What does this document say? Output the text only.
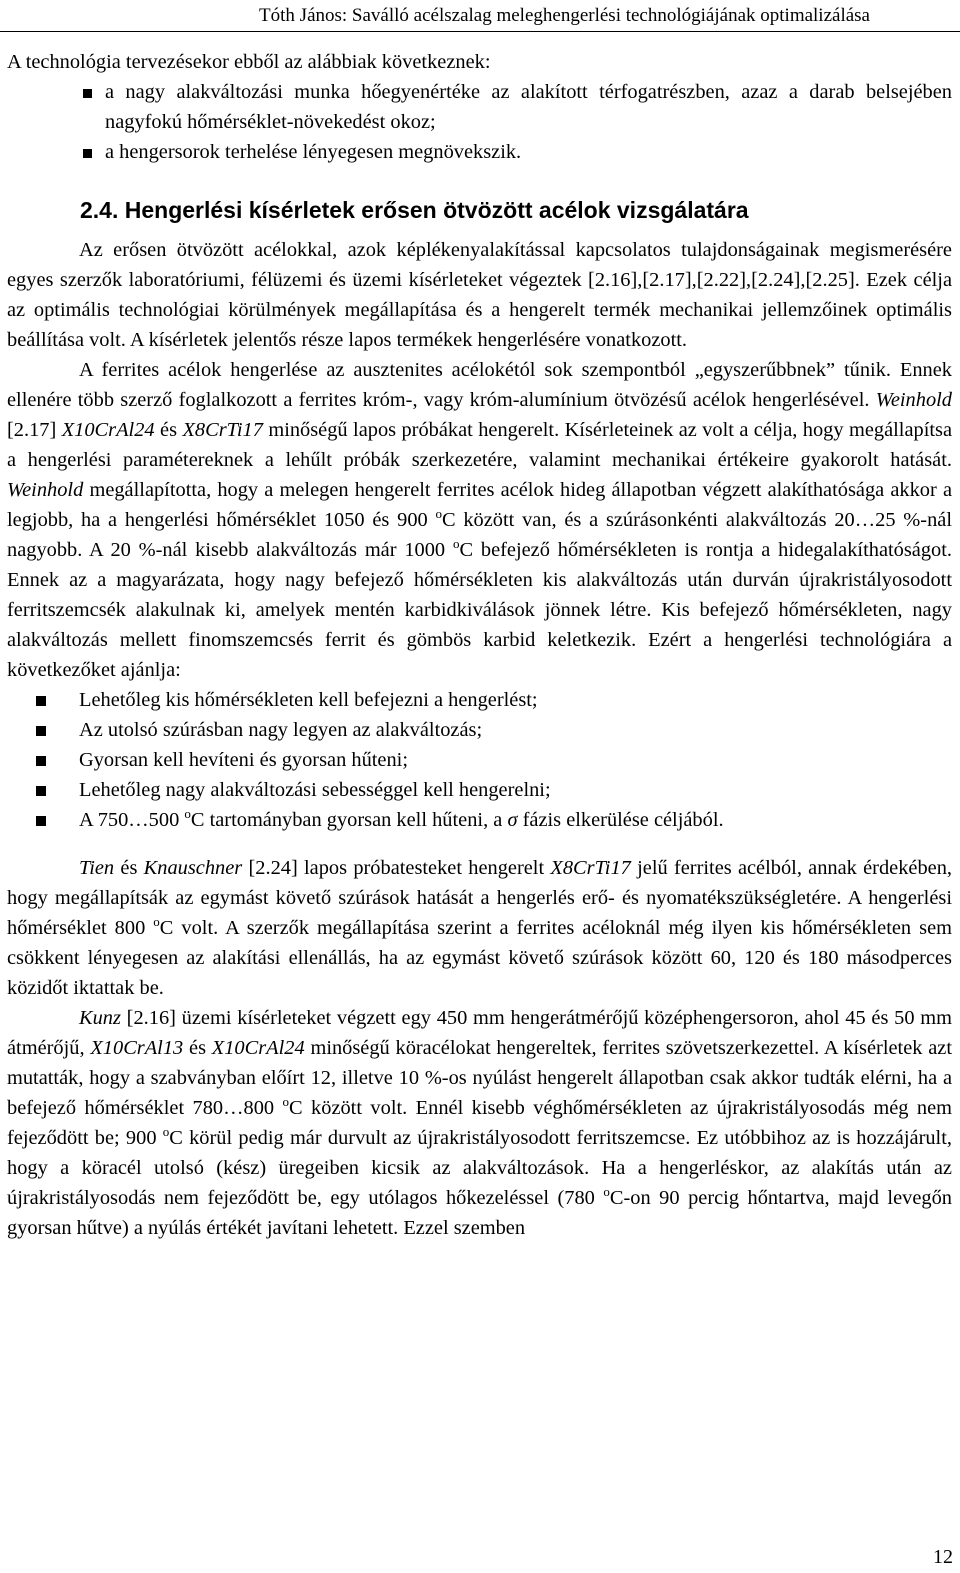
Tóth János: Saválló acélszalag meleghengerlési technológiájának optimalizálása

A technológia tervezésekor ebből az alábbiak következnek:

a nagy alakváltozási munka hőegyenértéke az alakított térfogatrészben, azaz a darab belsejében nagyfokú hőmérséklet-növekedést okoz;
a hengersorok terhelése lényegesen megnövekszik.
2.4. Hengerlési kísérletek erősen ötvözött acélok vizsgálatára

Az erősen ötvözött acélokkal, azok képlékenyalakítással kapcsolatos tulajdonságainak megismerésére egyes szerzők laboratóriumi, félüzemi és üzemi kísérleteket végeztek [2.16],[2.17],[2.22],[2.24],[2.25]. Ezek célja az optimális technológiai körülmények megállapítása és a hengerelt termék mechanikai jellemzőinek optimális beállítása volt. A kísérletek jelentős része lapos termékek hengerlésére vonatkozott.

A ferrites acélok hengerlése az ausztenites acélokétól sok szempontból „egyszerűbbnek” tűnik. Ennek ellenére több szerző foglalkozott a ferrites króm-, vagy króm-alumínium ötvözésű acélok hengerlésével. Weinhold [2.17] X10CrAl24 és X8CrTi17 minőségű lapos próbákat hengerelt. Kísérleteinek az volt a célja, hogy megállapítsa a hengerlési paramétereknek a lehűlt próbák szerkezetére, valamint mechanikai értékeire gyakorolt hatását. Weinhold megállapította, hogy a melegen hengerelt ferrites acélok hideg állapotban végzett alakíthatósága akkor a legjobb, ha a hengerlési hőmérséklet 1050 és 900 $^o$C között van, és a szúrásonkénti alakváltozás 20…25 %-nál nagyobb. A 20 %-nál kisebb alakváltozás már 1000 $^o$C befejező hőmérsékleten is rontja a hidegalakíthatóságot. Ennek az a magyarázata, hogy nagy befejező hőmérsékleten kis alakváltozás után durván újrakristályosodott ferritszemcsék alakulnak ki, amelyek mentén karbidkiválások jönnek létre. Kis befejező hőmérsékleten, nagy alakváltozás mellett finomszemcsés ferrit és gömbös karbid keletkezik. Ezért a hengerlési technológiára a következőket ajánlja:

Lehetőleg kis hőmérsékleten kell befejezni a hengerlést;
Az utolsó szúrásban nagy legyen az alakváltozás;
Gyorsan kell hevíteni és gyorsan hűteni;
Lehetőleg nagy alakváltozási sebességgel kell hengerelni;
A 750…500 $^o$C tartományban gyorsan kell hűteni, a σ fázis elkerülése céljából.

Tien és Knauschner [2.24] lapos próbatesteket hengerelt X8CrTi17 jelű ferrites acélból, annak érdekében, hogy megállapítsák az egymást követő szúrások hatását a hengerlés erő- és nyomatékszükségletére. A hengerlési hőmérséklet 800 $^o$C volt. A szerzők megállapítása szerint a ferrites acéloknál még ilyen kis hőmérsékleten sem csökkent lényegesen az alakítási ellenállás, ha az egymást követő szúrások között 60, 120 és 180 másodperces közidőt iktattak be.

Kunz [2.16] üzemi kísérleteket végzett egy 450 mm hengerátmérőjű középhengersoron, ahol 45 és 50 mm átmérőjű, X10CrAl13 és X10CrAl24 minőségű köracélokat hengereltek, ferrites szövetszerkezettel. A kísérletek azt mutatták, hogy a szabványban előírt 12, illetve 10 %-os nyúlást hengerelt állapotban csak akkor tudták elérni, ha a befejező hőmérséklet 780…800 $^o$C között volt. Ennél kisebb véghőmérsékleten az újrakristályosodás még nem fejeződött be; 900 $^o$C körül pedig már durvult az újrakristályosodott ferritszemcse. Ez utóbbihoz az is hozzájárult, hogy a köracél utolsó (kész) üregeiben kicsik az alakváltozások. Ha a hengerléskor, az alakítás után az újrakristályosodás nem fejeződött be, egy utólagos hőkezeléssel (780 $^o$C-on 90 percig hőntartva, majd levegőn gyorsan hűtve) a nyúlás értékét javítani lehetett. Ezzel szemben

12
